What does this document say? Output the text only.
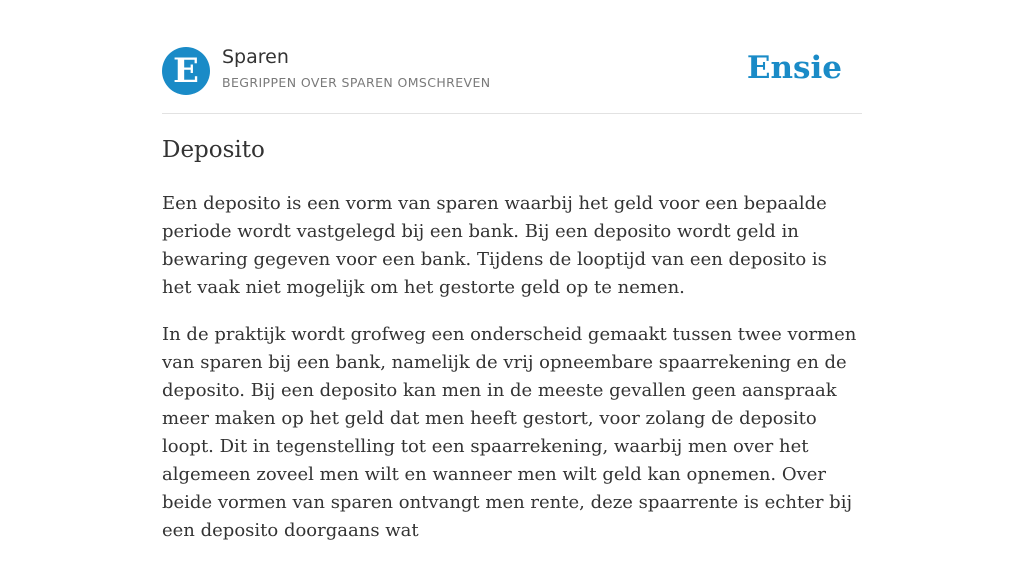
E	Sparen
BEGRIPPEN OVER SPAREN OMSCHREVEN	Ensie
Deposito

Een deposito is een vorm van sparen waarbij het geld voor een bepaalde periode wordt vastgelegd bij een bank. Bij een deposito wordt geld in bewaring gegeven voor een bank. Tijdens de looptijd van een deposito is het vaak niet mogelijk om het gestorte geld op te nemen.

In de praktijk wordt grofweg een onderscheid gemaakt tussen twee vormen van sparen bij een bank, namelijk de vrij opneembare spaarrekening en de deposito. Bij een deposito kan men in de meeste gevallen geen aanspraak meer maken op het geld dat men heeft gestort, voor zolang de deposito loopt. Dit in tegenstelling tot een spaarrekening, waarbij men over het algemeen zoveel men wilt en wanneer men wilt geld kan opnemen. Over beide vormen van sparen ontvangt men rente, deze spaarrente is echter bij een deposito doorgaans wat
